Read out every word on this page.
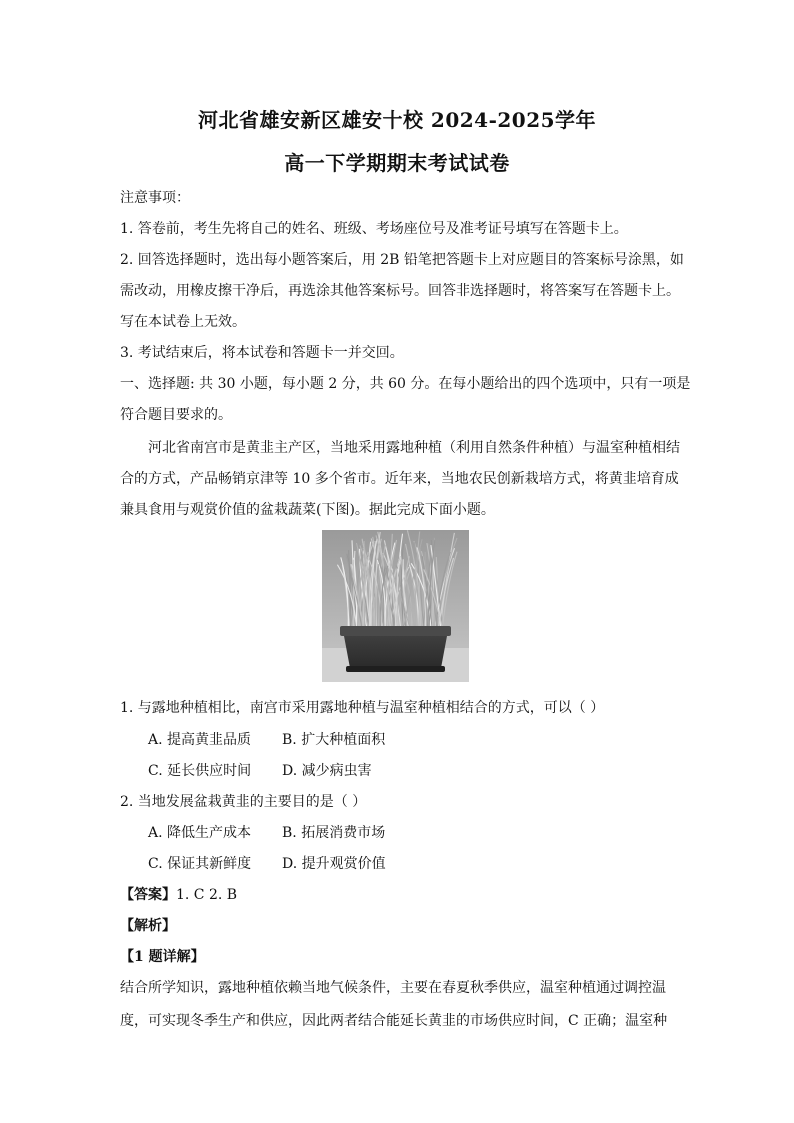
河北省雄安新区雄安十校 2024-2025学年
高一下学期期末考试试卷
注意事项：
1. 答卷前，考生先将自己的姓名、班级、考场座位号及准考证号填写在答题卡上。
2. 回答选择题时，选出每小题答案后，用 2B 铅笔把答题卡上对应题目的答案标号涂黑，如
需改动，用橡皮擦干净后，再选涂其他答案标号。回答非选择题时，将答案写在答题卡上。
写在本试卷上无效。
3. 考试结束后，将本试卷和答题卡一并交回。
一、选择题: 共 30 小题，每小题 2 分，共 60 分。在每小题给出的四个选项中，只有一项是
符合题目要求的。
河北省南宫市是黄韭主产区，当地采用露地种植（利用自然条件种植）与温室种植相结
合的方式，产品畅销京津等 10 多个省市。近年来，当地农民创新栽培方式，将黄韭培育成
兼具食用与观赏价值的盆栽蔬菜(下图)。据此完成下面小题。
1. 与露地种植相比，南宫市采用露地种植与温室种植相结合的方式，可以（ ）
A. 提高黄韭品质 B. 扩大种植面积
C. 延长供应时间 D. 减少病虫害
2. 当地发展盆栽黄韭的主要目的是（ ）
A. 降低生产成本 B. 拓展消费市场
C. 保证其新鲜度 D. 提升观赏价值
【答案】1. C 2. B
【解析】
【1 题详解】
结合所学知识，露地种植依赖当地气候条件，主要在春夏秋季供应，温室种植通过调控温
度，可实现冬季生产和供应，因此两者结合能延长黄韭的市场供应时间，C 正确；温室种
